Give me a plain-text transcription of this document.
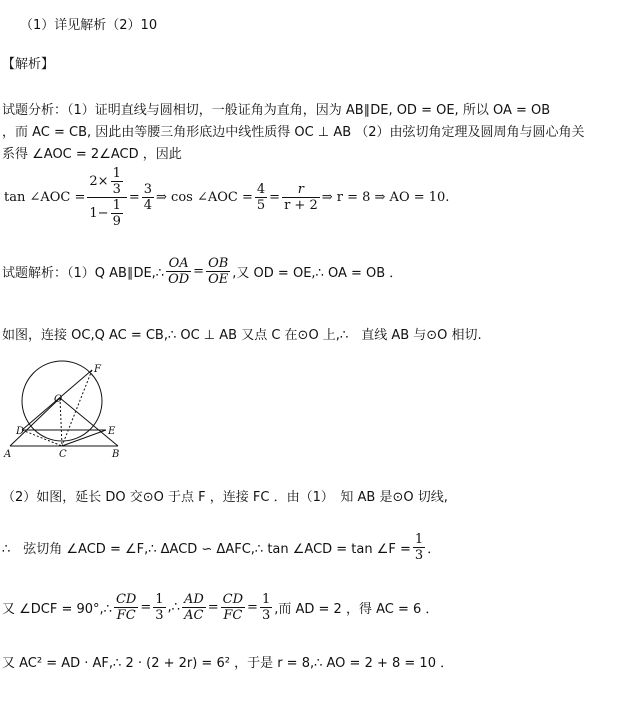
（1）详见解析（2）10
【解析】
试题分析：（1）证明直线与圆相切，一般证角为直角，因为 AB∥DE, OD = OE, 所以 OA = OB
，而 AC = CB, 因此由等腰三角形底边中线性质得 OC ⊥ AB （2）由弦切角定理及圆周角与圆心角关
系得 ∠AOC = 2∠ACD ，因此
tan ∠AOC = $\frac{2\times \frac{1}{3}}{1- \frac{1}{9}} = \frac{3}{4}$ ⇒ cos ∠AOC = $\frac{4}{5} = \frac{r}{r + 2}$ ⇒ r = 8 ⇒ AO = 10.
试题解析：（1）Q AB∥DE,∴ $\frac{OA}{OD} = \frac{OB}{OE}$ ,又 OD = OE,∴ OA = OB ．
如图，连接 OC,Q AC = CB,∴ OC ⊥ AB 又点 C 在⊙O 上,∴　直线 AB 与⊙O 相切.
F
O
D	E
A	C	B
（2）如图，延长 DO 交⊙O 于点 F ，连接 FC ．由（1）　知 AB 是⊙O 切线,
∴　弦切角 ∠ACD = ∠F,∴ ΔACD ∽ ΔAFC,∴ tan ∠ACD = tan ∠F = $\frac{1}{3}$ ．
又 ∠DCF = 90°,∴ $\frac{CD}{FC} = \frac{1}{3}$ ,∴ $\frac{AD}{AC} = \frac{CD}{FC} = \frac{1}{3}$ ,而 AD = 2 ，得 AC = 6 ．
又 AC² = AD · AF,∴ 2 · (2 + 2r) = 6² ，于是 r = 8,∴ AO = 2 + 8 = 10 ．
